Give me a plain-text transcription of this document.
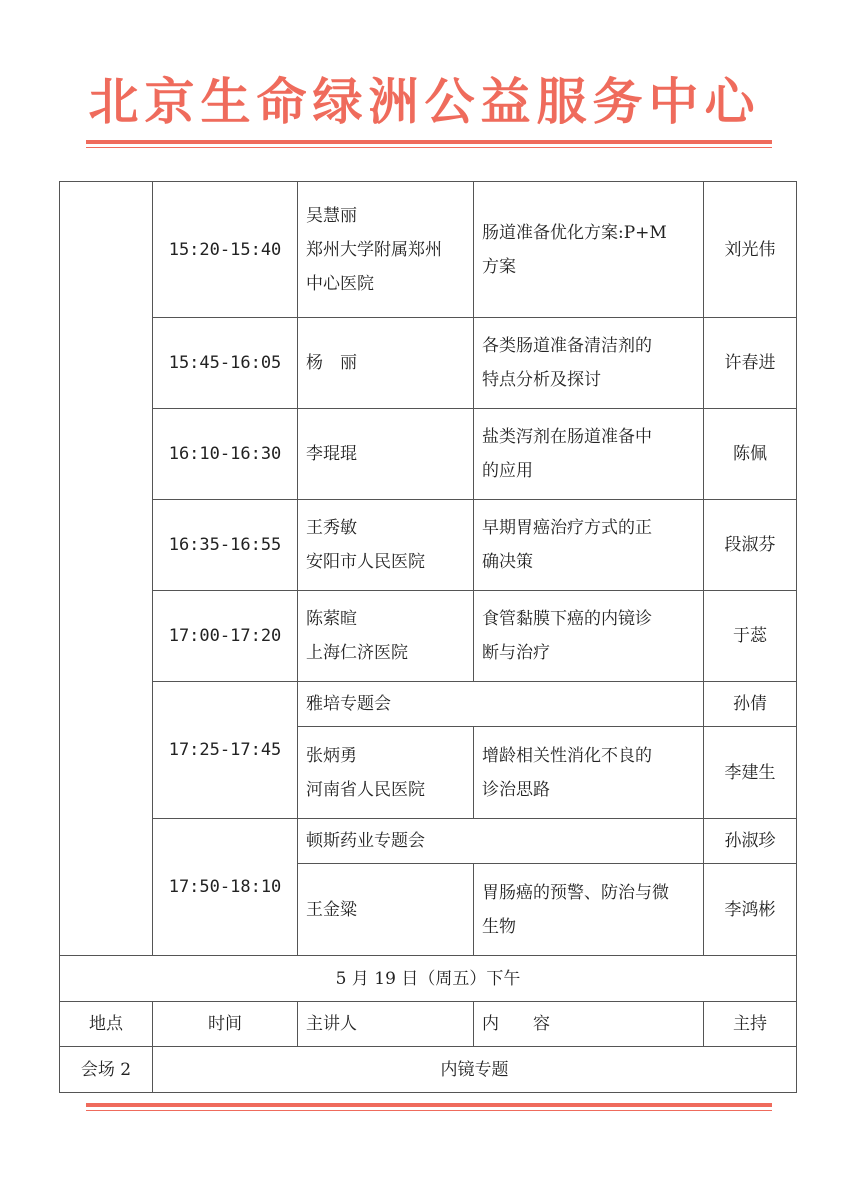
北京生命绿洲公益服务中心
	15:20-15:40	吴慧丽
郑州大学附属郑州
中心医院	肠道准备优化方案:P+M
方案	刘光伟
	15:45-16:05	杨　丽	各类肠道准备清洁剂的
特点分析及探讨	许春进
	16:10-16:30	李琨琨	盐类泻剂在肠道准备中
的应用	陈佩
	16:35-16:55	王秀敏
安阳市人民医院	早期胃癌治疗方式的正
确决策	段淑芬
	17:00-17:20	陈萦暄
上海仁济医院	食管黏膜下癌的内镜诊
断与治疗	于蕊
	17:25-17:45	雅培专题会		孙倩

		张炳勇
河南省人民医院	增龄相关性消化不良的
诊治思路	李建生
	17:50-18:10	顿斯药业专题会		孙淑珍

		王金粱	胃肠癌的预警、防治与微
生物	李鸿彬

5 月 19 日（周五）下午				
地点	时间	主讲人	内　　容	主持
会场 2	内镜专题			
